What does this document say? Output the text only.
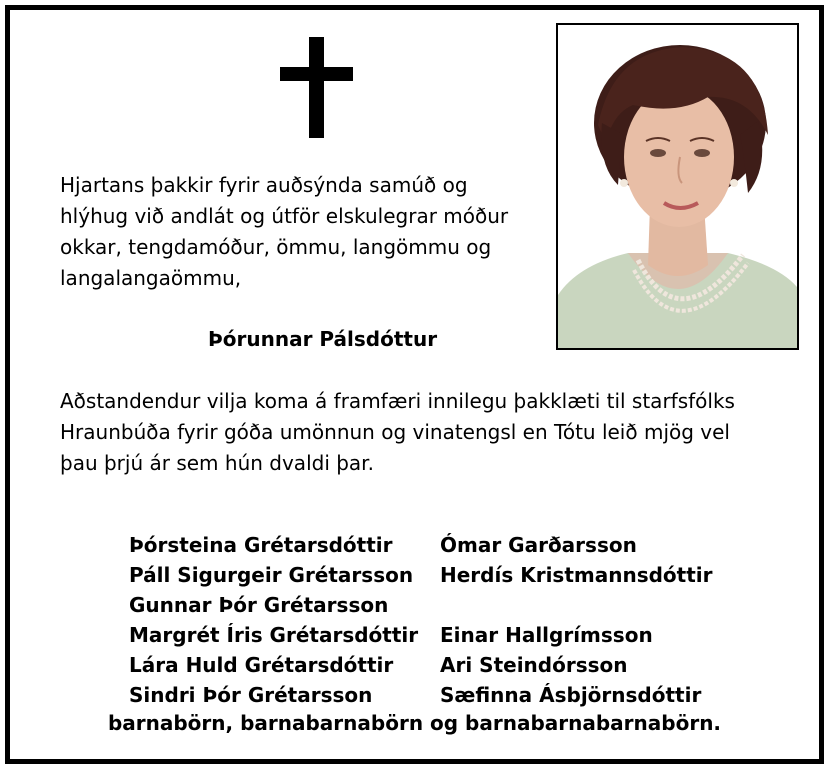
Hjartans þakkir fyrir auðsýnda samúð og
hlýhug við andlát og útför elskulegrar móður
okkar, tengdamóður, ömmu, langömmu og
langalangaömmu,
Þórunnar Pálsdóttur
Aðstandendur vilja koma á framfæri innilegu þakklæti til starfsfólks
Hraunbúða fyrir góða umönnun og vinatengsl en Tótu leið mjög vel
þau þrjú ár sem hún dvaldi þar.
Þórsteina Grétarsdóttir Ómar Garðarsson
Páll Sigurgeir Grétarsson Herdís Kristmannsdóttir
Gunnar Þór Grétarsson
Margrét Íris Grétarsdóttir Einar Hallgrímsson
Lára Huld Grétarsdóttir Ari Steindórsson
Sindri Þór Grétarsson	Sæfinna Ásbjörnsdóttir
barnabörn, barnabarnabörn og barnabarnabarnabörn.
